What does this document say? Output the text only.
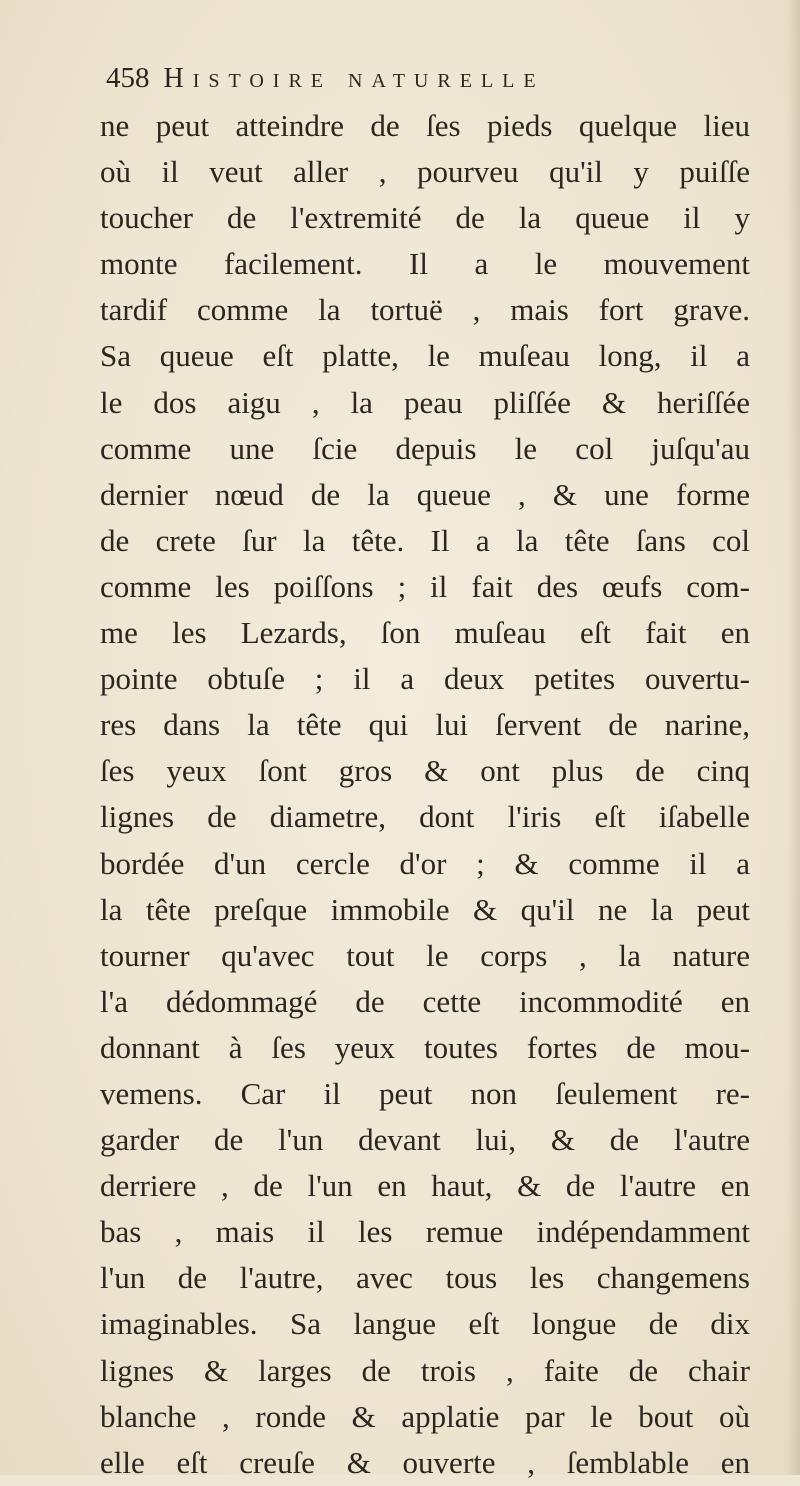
458 Histoire naturelle
ne peut atteindre de ſes pieds quelque lieu
où il veut aller , pourveu qu'il y puiſſe
toucher de l'extremité de la queue il y
monte facilement. Il a le mouvement
tardif comme la tortuë , mais fort grave.
Sa queue eſt platte, le muſeau long, il a
le dos aigu , la peau pliſſée & heriſſée
comme une ſcie depuis le col juſqu'au
dernier nœud de la queue , & une forme
de crete ſur la tête. Il a la tête ſans col
comme les poiſſons ; il fait des œufs com-
me les Lezards, ſon muſeau eſt fait en
pointe obtuſe ; il a deux petites ouvertu-
res dans la tête qui lui ſervent de narine,
ſes yeux ſont gros & ont plus de cinq
lignes de diametre, dont l'iris eſt iſabelle
bordée d'un cercle d'or ; & comme il a
la tête preſque immobile & qu'il ne la peut
tourner qu'avec tout le corps , la nature
l'a dédommagé de cette incommodité en
donnant à ſes yeux toutes fortes de mou-
vemens. Car il peut non ſeulement re-
garder de l'un devant lui, & de l'autre
derriere , de l'un en haut, & de l'autre en
bas , mais il les remue indépendamment
l'un de l'autre, avec tous les changemens
imaginables. Sa langue eſt longue de dix
lignes & larges de trois , faite de chair
blanche , ronde & applatie par le bout où
elle eſt creuſe & ouverte , ſemblable en
